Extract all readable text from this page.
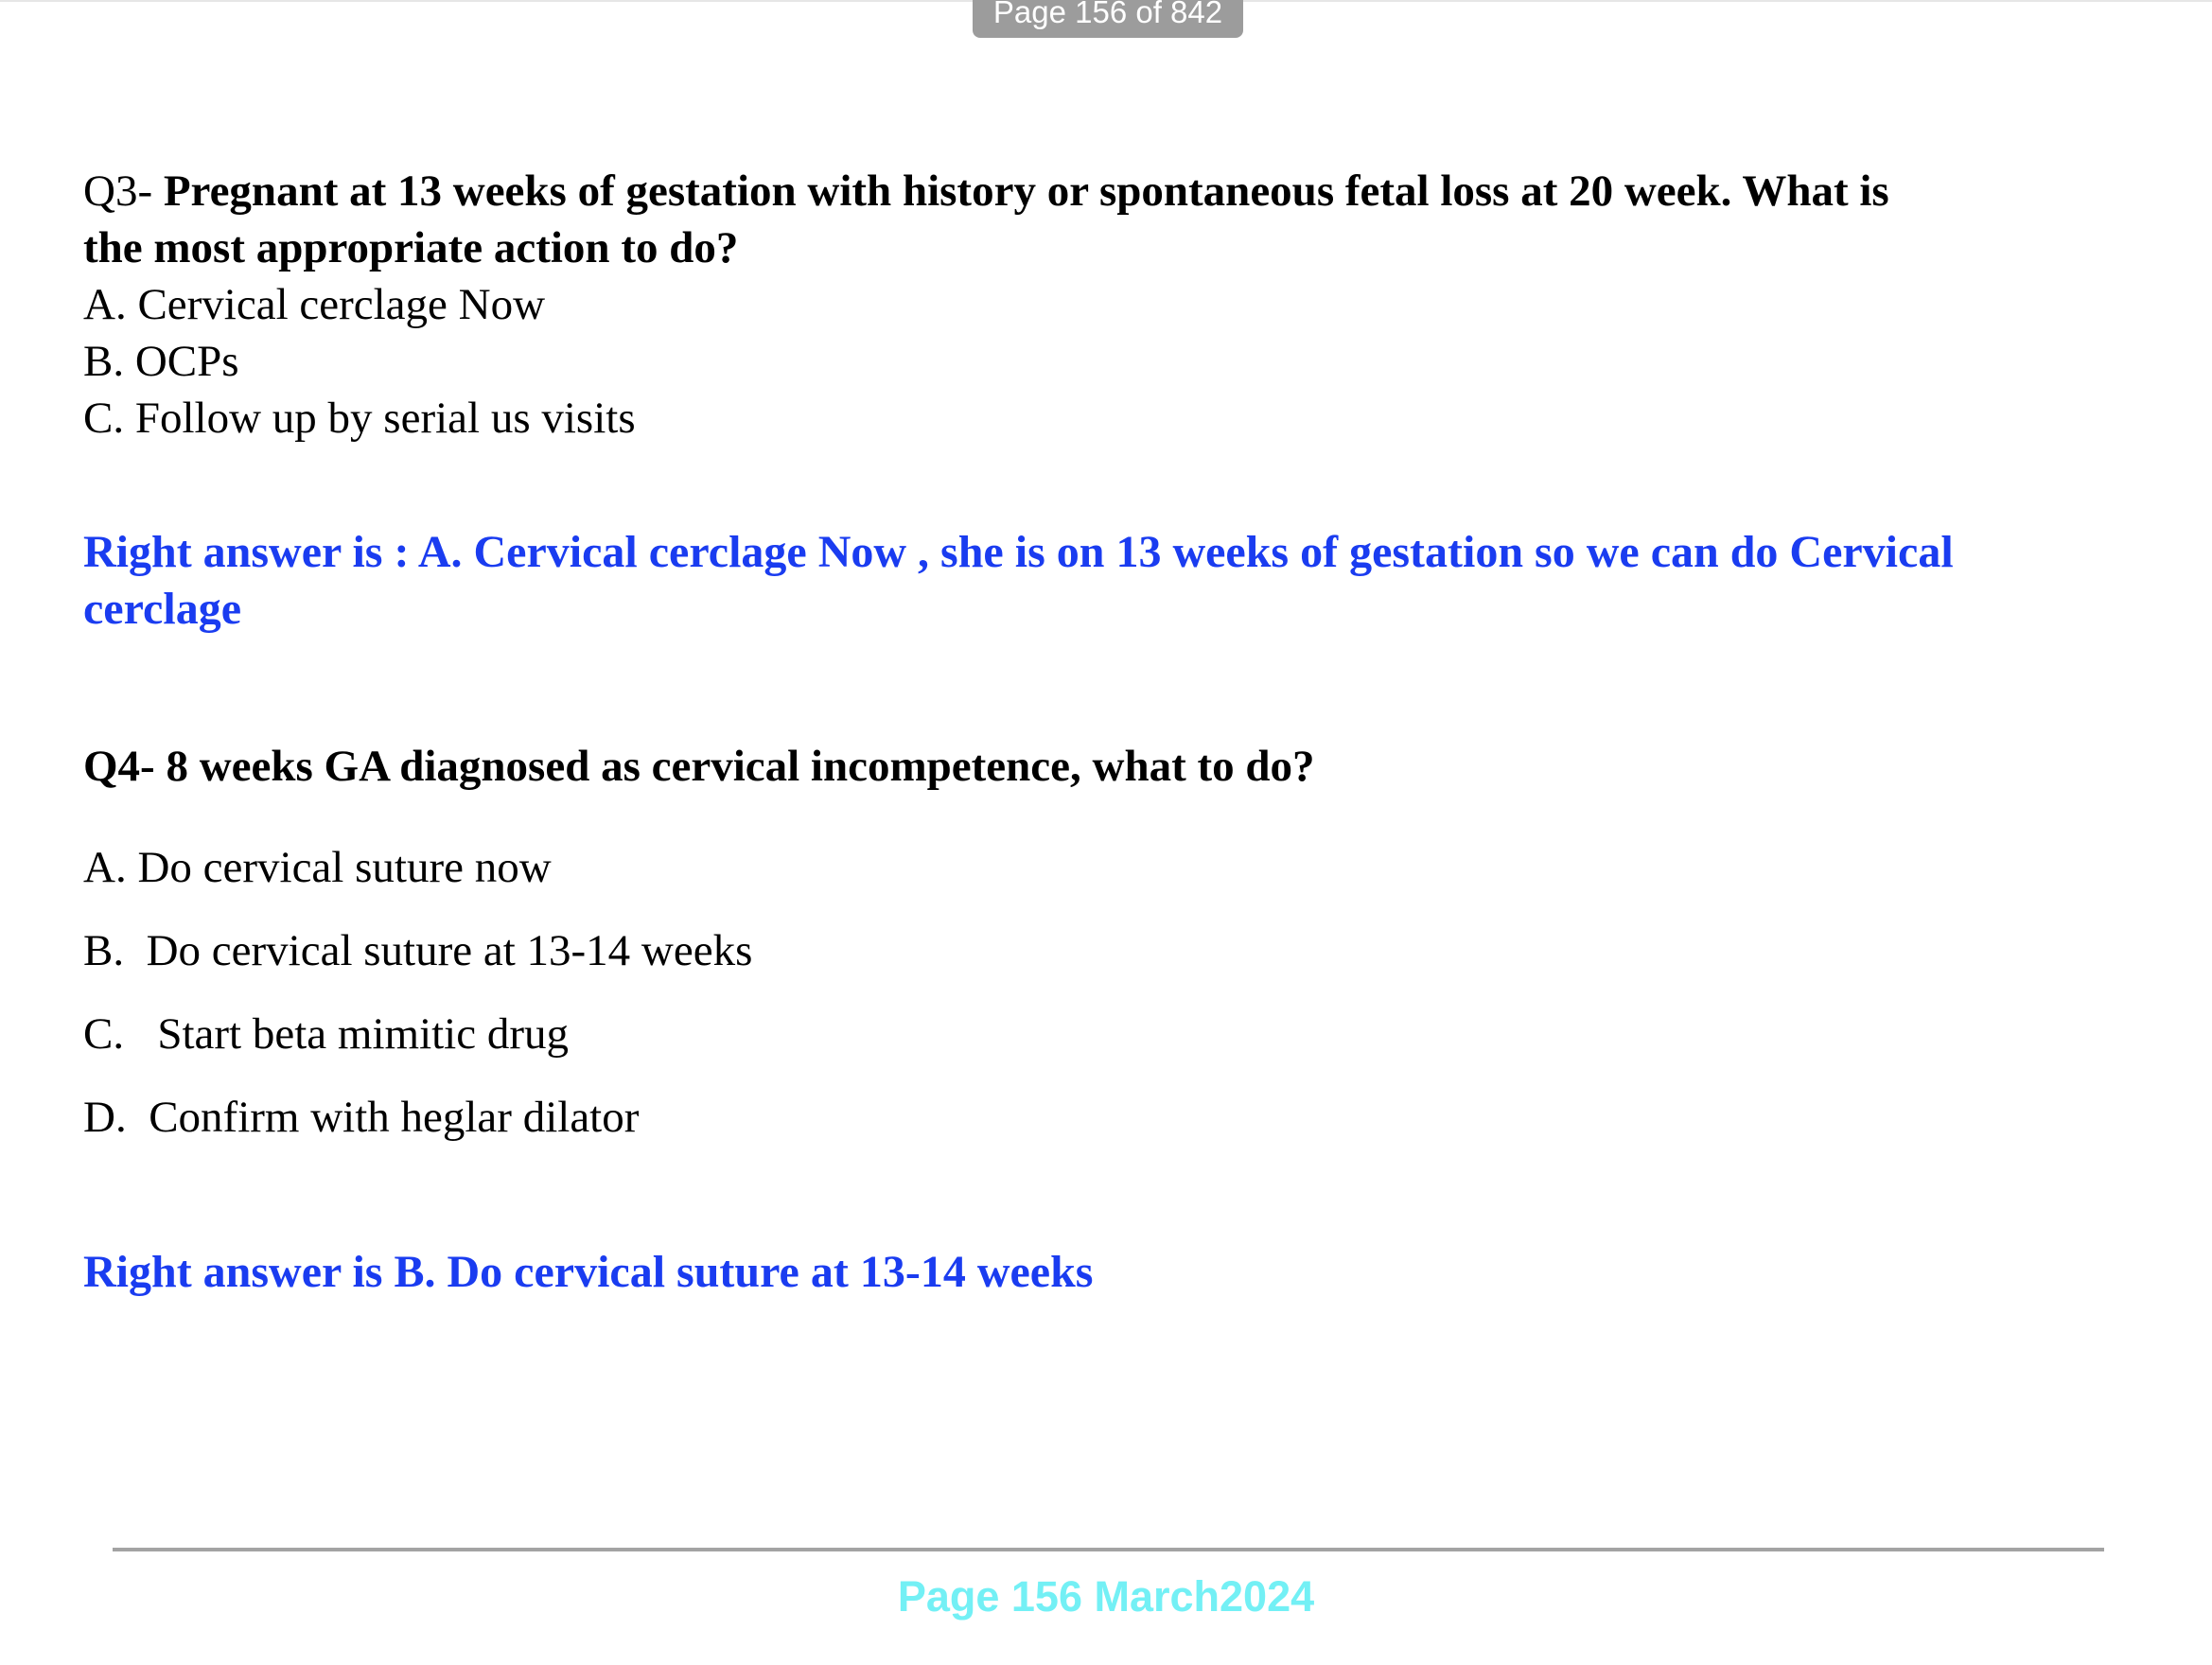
Page 156 of 842

Q3- Pregnant at 13 weeks of gestation with history or spontaneous fetal loss at 20 week. What is

the most appropriate action to do?

A. Cervical cerclage Now

B. OCPs

C. Follow up by serial us visits

Right answer is : A. Cervical cerclage Now , she is on 13 weeks of gestation so we can do Cervical

cerclage

Q4- 8 weeks GA diagnosed as cervical incompetence, what to do?

A. Do cervical suture now

B.  Do cervical suture at 13-14 weeks

C.   Start beta mimitic drug

D.  Confirm with heglar dilator

Right answer is B. Do cervical suture at 13-14 weeks

Page 156 March2024
